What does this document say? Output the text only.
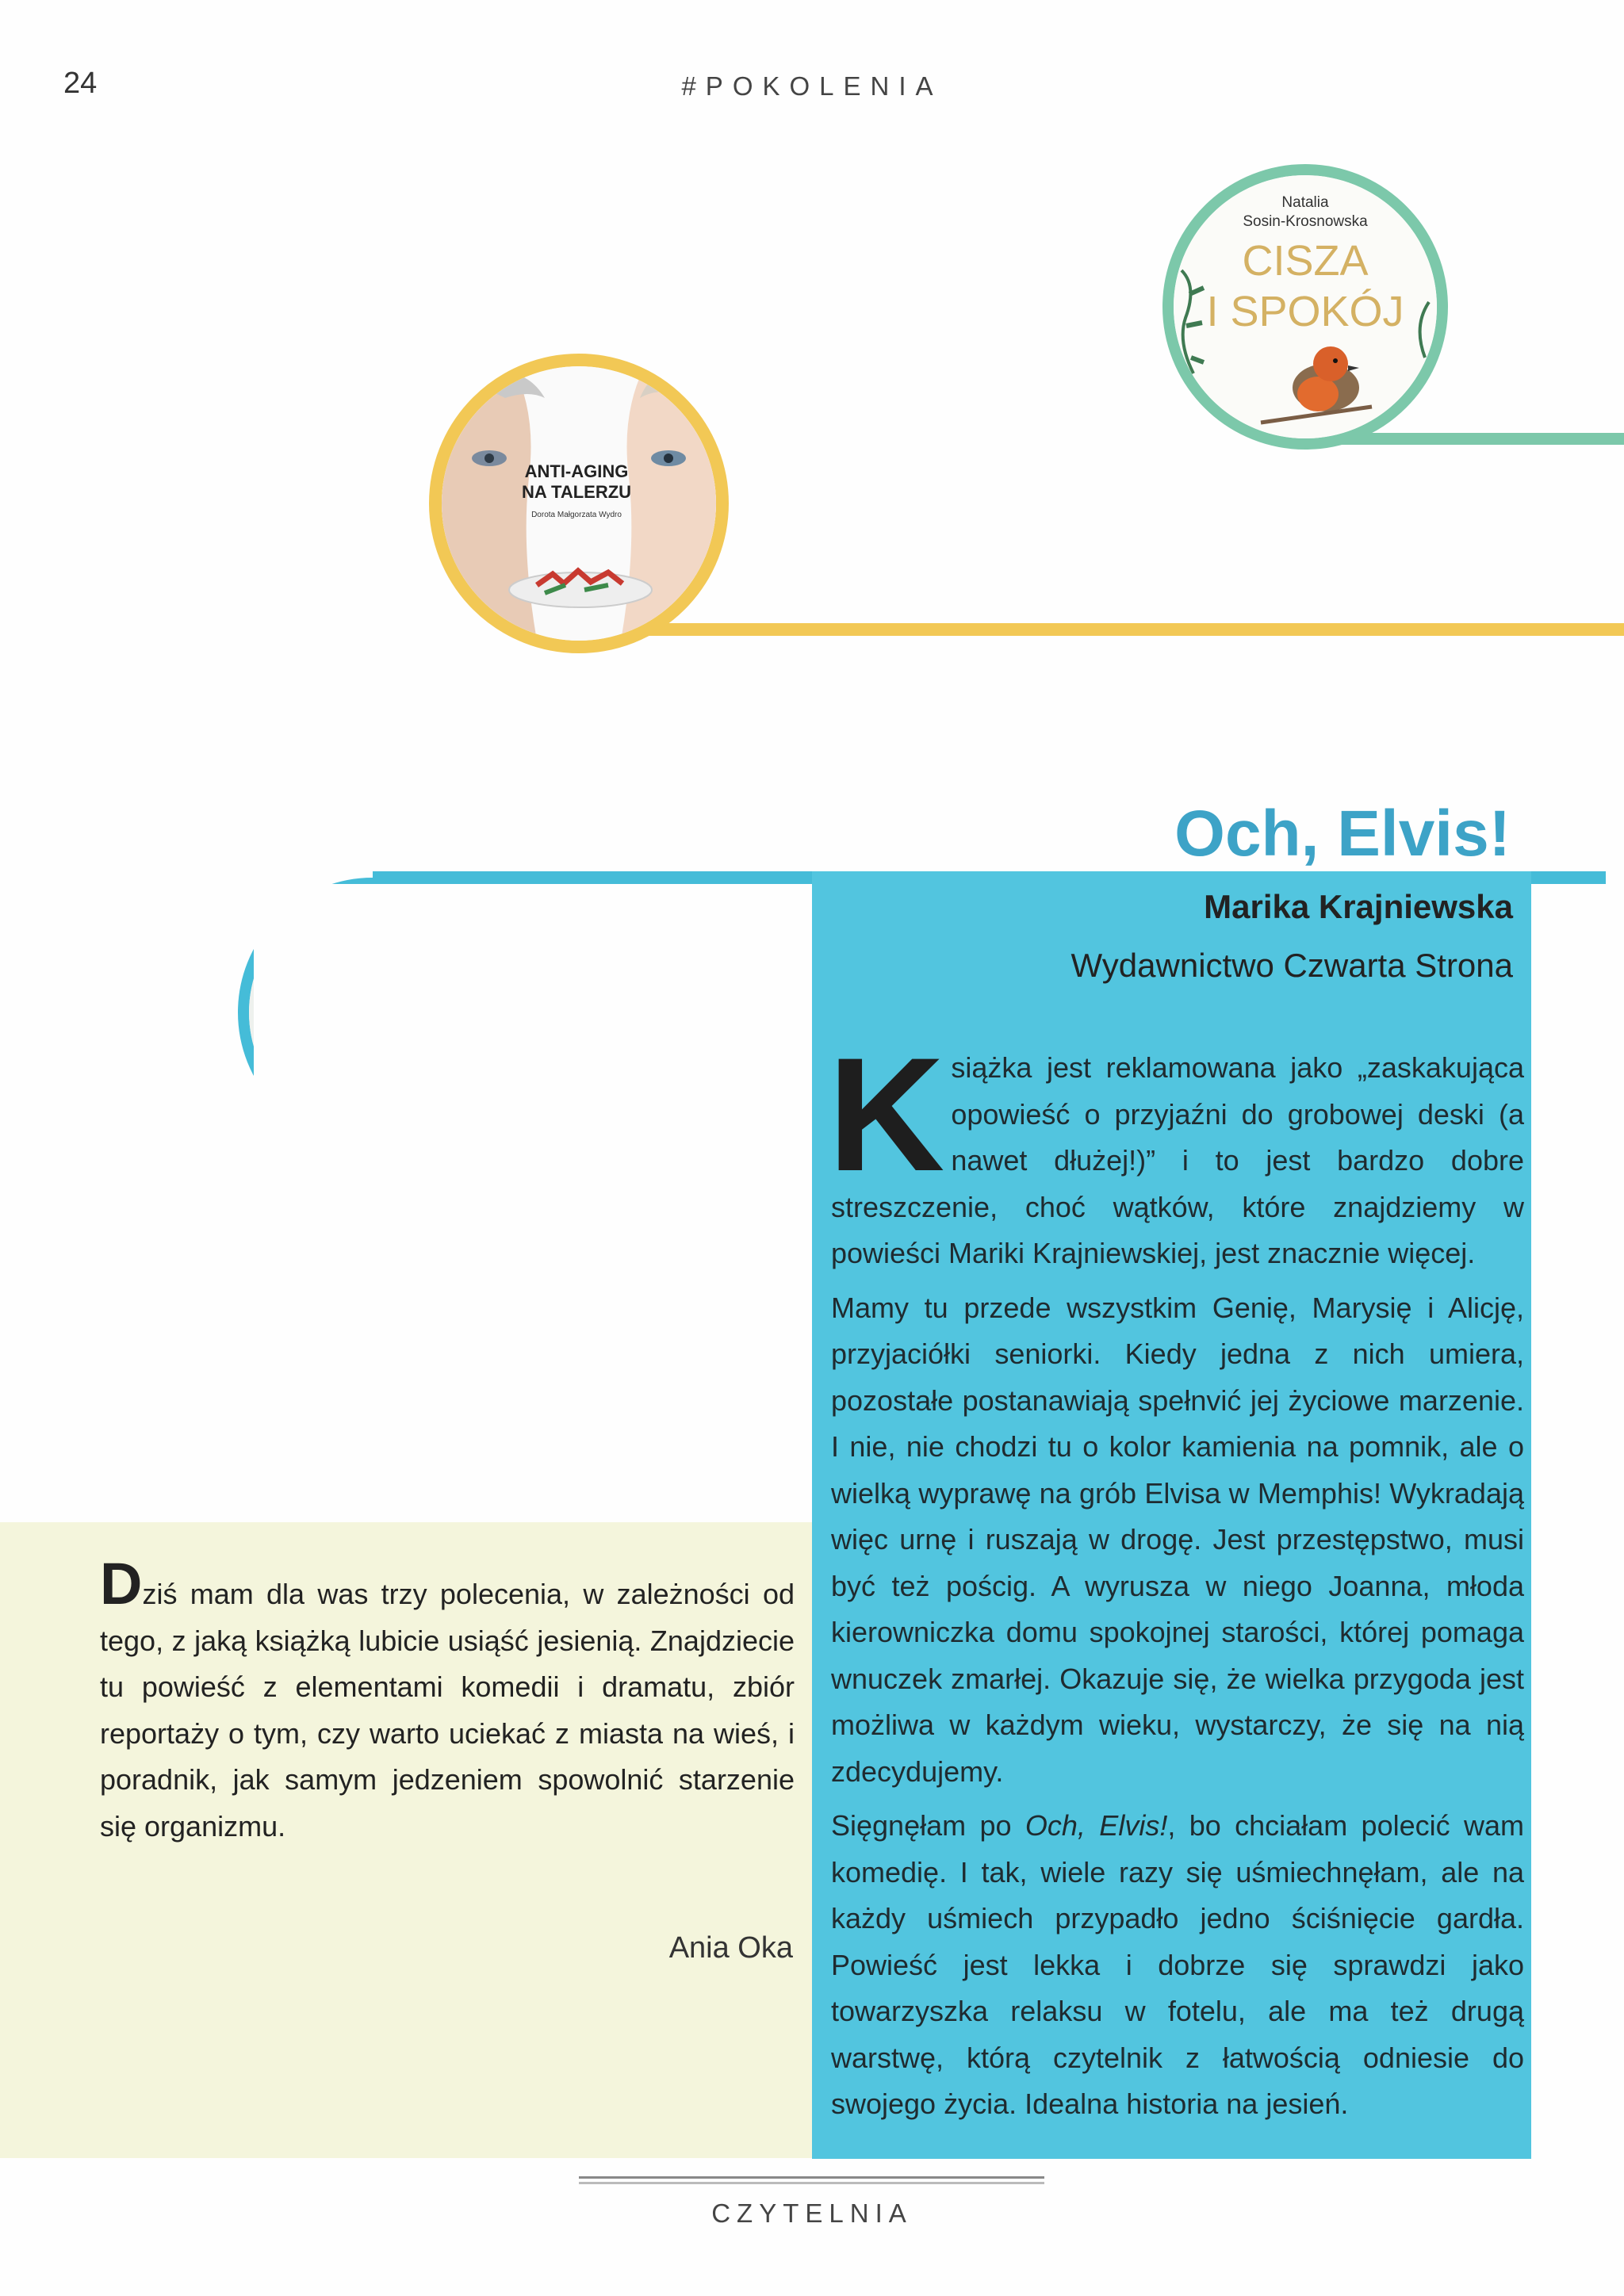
24	#POKOLENIA
Natalia
Sosin-Krosnowska
CISZA
I SPOKÓJ
ANTI-AGING
NA TALERZU
Dorota Małgorzata Wydro
Och, Elvis!
Marika Krajniewska
Wydawnictwo Czwarta Strona

Książka jest reklamowana jako „zaskakująca opowieść o przyjaźni do grobowej deski (a nawet dłużej!)” i to jest bardzo dobre streszczenie, choć wątków, które znajdziemy w powieści Mariki Krajniewskiej, jest znacznie więcej.

Mamy tu przede wszystkim Genię, Marysię i Alicję, przyjaciółki seniorki. Kiedy jedna z nich umiera, pozostałe postanawiają spełnvić jej życiowe marzenie. I nie, nie chodzi tu o kolor kamienia na pomnik, ale o wielką wyprawę na grób Elvisa w Memphis! Wykradają więc urnę i ruszają w drogę. Jest przestępstwo, musi być też pościg. A wyrusza w niego Joanna, młoda kierowniczka domu spokojnej starości, której pomaga wnuczek zmarłej. Okazuje się, że wielka przygoda jest możliwa w każdym wieku, wystarczy, że się na nią zdecydujemy.

Sięgnęłam po Och, Elvis!, bo chciałam polecić wam komedię. I tak, wiele razy się uśmiechnęłam, ale na każdy uśmiech przypadło jedno ściśnięcie gardła. Powieść jest lekka i dobrze się sprawdzi jako towarzyszka relaksu w fotelu, ale ma też drugą warstwę, którą czytelnik z łatwością odniesie do swojego życia. Idealna historia na jesień.

Dziś mam dla was trzy polecenia, w zależności od tego, z jaką książką lubicie usiąść jesienią. Znajdziecie tu powieść z elementami komedii i dramatu, zbiór reportaży o tym, czy warto uciekać z miasta na wieś, i poradnik, jak samym jedzeniem spowolnić starzenie się organizmu.
Ania Oka
CZYTELNIA
